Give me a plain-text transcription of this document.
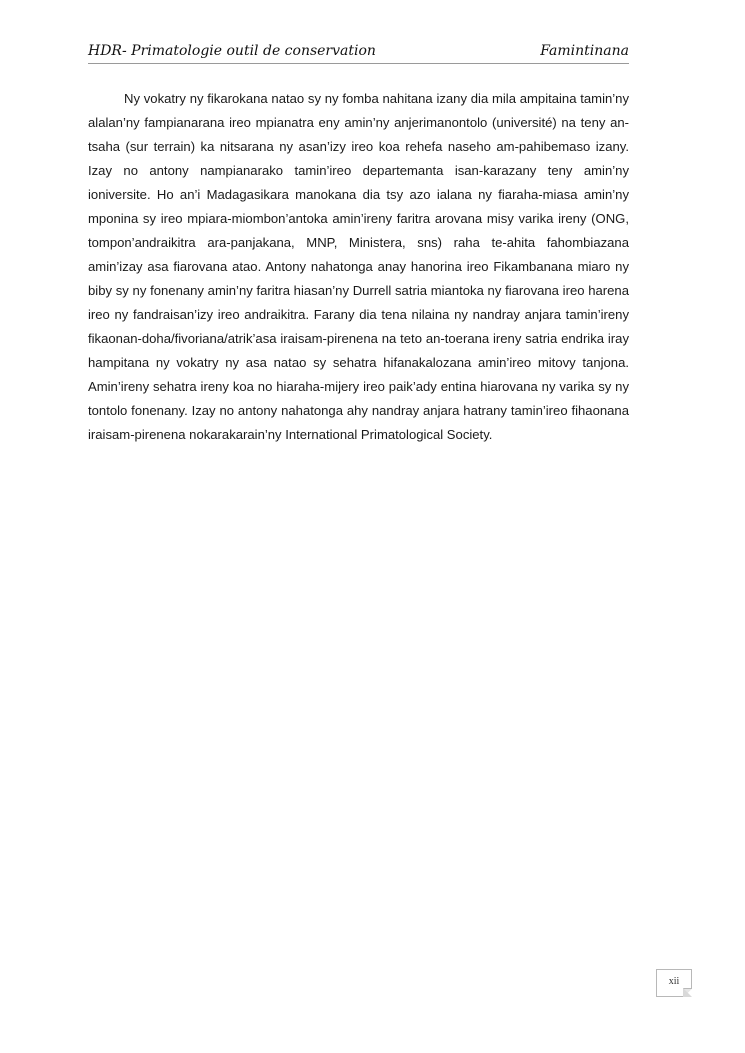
HDR- Primatologie outil de conservation	Famintinana

Ny vokatry ny fikarokana natao sy ny fomba nahitana izany dia mila ampitaina tamin’ny alalan’ny fampianarana ireo mpianatra eny amin’ny anjerimanontolo (université) na teny an-tsaha (sur terrain) ka nitsarana ny asan’izy ireo koa rehefa naseho am-pahibemaso izany. Izay no antony nampianarako tamin’ireo departemanta isan-karazany teny amin’ny ioniversite. Ho an’i Madagasikara manokana dia tsy azo ialana ny fiaraha-miasa amin’ny mponina sy ireo mpiara-miombon’antoka amin’ireny faritra arovana misy varika ireny (ONG, tompon’andraikitra ara-panjakana, MNP, Ministera, sns) raha te-ahita fahombiazana amin’izay asa fiarovana atao. Antony nahatonga anay hanorina ireo Fikambanana miaro ny biby sy ny fonenany amin’ny faritra hiasan’ny Durrell satria miantoka ny fiarovana ireo harena ireo ny fandraisan’izy ireo andraikitra. Farany dia tena nilaina ny nandray anjara tamin’ireny fikaonan-doha/fivoriana/atrik’asa iraisam-pirenena na teto an-toerana ireny satria endrika iray hampitana ny vokatry ny asa natao sy sehatra hifanakalozana amin’ireo mitovy tanjona. Amin’ireny sehatra ireny koa no hiaraha-mijery ireo paik’ady entina hiarovana ny varika sy ny tontolo fonenany. Izay no antony nahatonga ahy nandray anjara hatrany tamin’ireo fihaonana iraisam-pirenena nokarakarain’ny International Primatological Society.

xii
